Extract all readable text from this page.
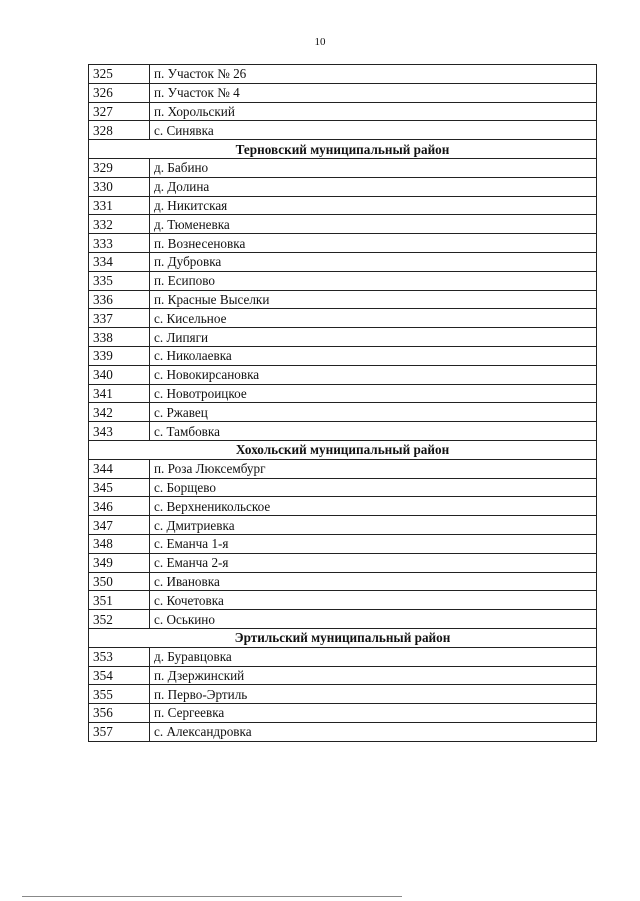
10
325	п. Участок № 26
326	п. Участок № 4
327	п. Хорольский
328	с. Синявка
Терновский муниципальный район	
329	д. Бабино
330	д. Долина
331	д. Никитская
332	д. Тюменевка
333	п. Вознесеновка
334	п. Дубровка
335	п. Есипово
336	п. Красные Выселки
337	с. Кисельное
338	с. Липяги
339	с. Николаевка
340	с. Новокирсановка
341	с. Новотроицкое
342	с. Ржавец
343	с. Тамбовка
Хохольский муниципальный район	
344	п. Роза Люксембург
345	с. Борщево
346	с. Верхненикольское
347	с. Дмитриевка
348	с. Еманча 1-я
349	с. Еманча 2-я
350	с. Ивановка
351	с. Кочетовка
352	с. Оськино
Эртильский муниципальный район	
353	д. Буравцовка
354	п. Дзержинский
355	п. Перво-Эртиль
356	п. Сергеевка
357	с. Александровка
